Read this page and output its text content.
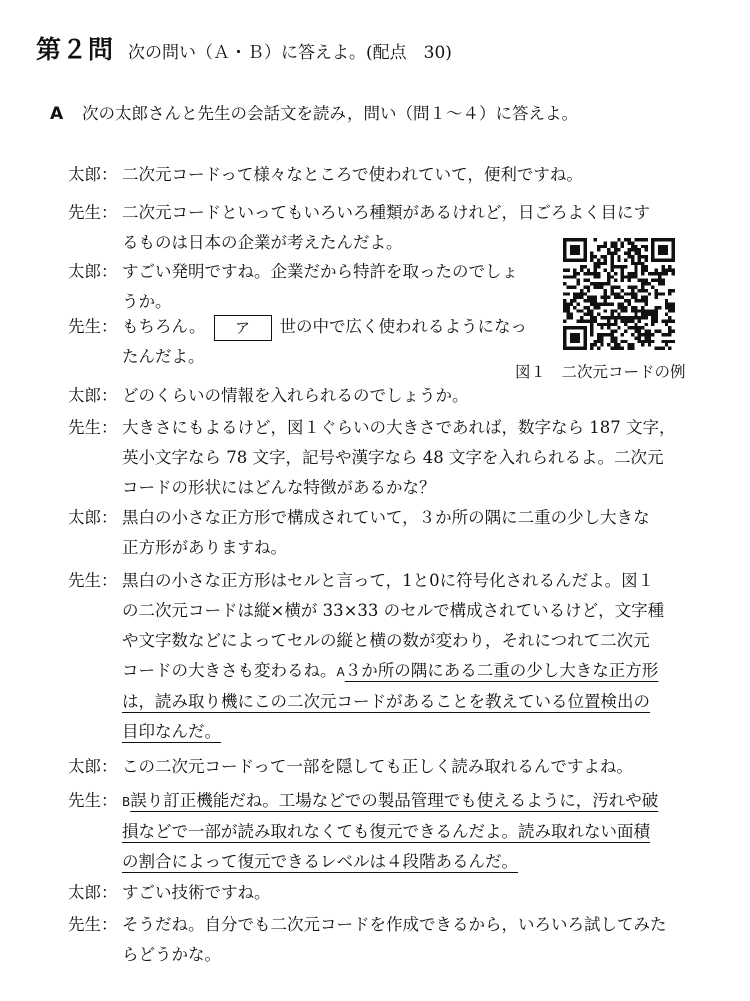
第２問 次の問い（Ａ・Ｂ）に答えよ。(配点　30)
A	次の太郎さんと先生の会話文を読み，問い（問１～４）に答えよ。
太郎： 二次元コードって様々なところで使われていて，便利ですね。

先生： 二次元コードといってもいろいろ種類があるけれど，日ごろよく目にす

るものは日本の企業が考えたんだよ。

太郎： すごい発明ですね。企業だから特許を取ったのでしょ

うか。

先生： もちろん。 ア 世の中で広く使われるようになっ

たんだよ。

太郎： どのくらいの情報を入れられるのでしょうか。

先生： 大きさにもよるけど，図１ぐらいの大きさであれば，数字なら 187 文字，

英小文字なら 78 文字，記号や漢字なら 48 文字を入れられるよ。二次元

コードの形状にはどんな特徴があるかな？

太郎： 黒白の小さな正方形で構成されていて，３か所の隅に二重の少し大きな

正方形がありますね。

先生： 黒白の小さな正方形はセルと言って，1と0に符号化されるんだよ。図１

の二次元コードは縦×横が 33×33 のセルで構成されているけど，文字種

や文字数などによってセルの縦と横の数が変わり，それにつれて二次元

コードの大きさも変わるね。A３か所の隅にある二重の少し大きな正方形

は，読み取り機にこの二次元コードがあることを教えている位置検出の

目印なんだ。

太郎： この二次元コードって一部を隠しても正しく読み取れるんですよね。

先生： B誤り訂正機能だね。工場などでの製品管理でも使えるように，汚れや破

損などで一部が読み取れなくても復元できるんだよ。読み取れない面積

の割合によって復元できるレベルは４段階あるんだ。

太郎： すごい技術ですね。

先生： そうだね。自分でも二次元コードを作成できるから，いろいろ試してみた

らどうかな。

図１　二次元コードの例
